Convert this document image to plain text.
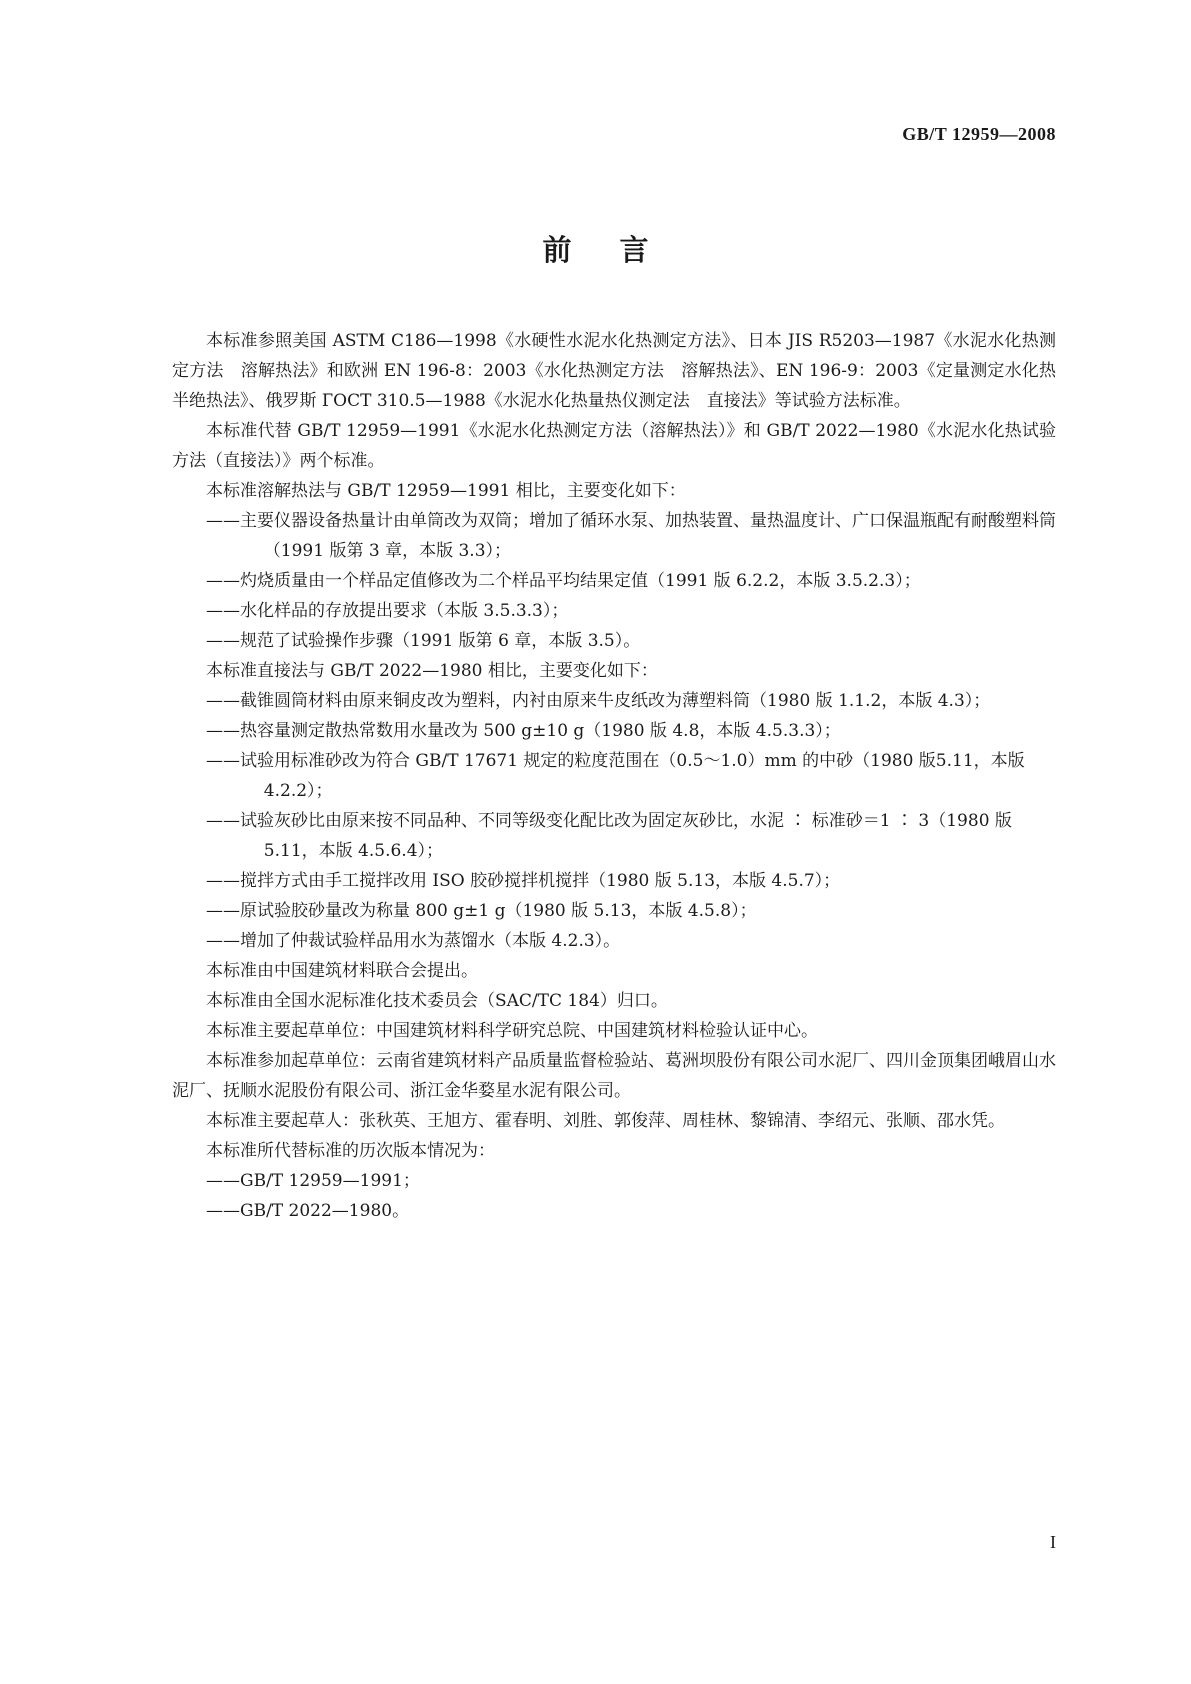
GB/T 12959—2008
前言

本标准参照美国 ASTM C186—1998《水硬性水泥水化热测定方法》、日本 JIS R5203—1987《水泥水化热测定方法　溶解热法》和欧洲 EN 196-8：2003《水化热测定方法　溶解热法》、EN 196-9：2003《定量测定水化热　半绝热法》、俄罗斯 ГОСТ 310.5—1988《水泥水化热量热仪测定法　直接法》等试验方法标准。

本标准代替 GB/T 12959—1991《水泥水化热测定方法（溶解热法）》和 GB/T 2022—1980《水泥水化热试验方法（直接法）》两个标准。

本标准溶解热法与 GB/T 12959—1991 相比，主要变化如下：

——主要仪器设备热量计由单筒改为双筒；增加了循环水泵、加热装置、量热温度计、广口保温瓶配有耐酸塑料筒（1991 版第 3 章，本版 3.3）；

——灼烧质量由一个样品定值修改为二个样品平均结果定值（1991 版 6.2.2，本版 3.5.2.3）；

——水化样品的存放提出要求（本版 3.5.3.3）；

——规范了试验操作步骤（1991 版第 6 章，本版 3.5）。

本标准直接法与 GB/T 2022—1980 相比，主要变化如下：

——截锥圆筒材料由原来铜皮改为塑料，内衬由原来牛皮纸改为薄塑料筒（1980 版 1.1.2，本版 4.3）；

——热容量测定散热常数用水量改为 500 g±10 g（1980 版 4.8，本版 4.5.3.3）；

——试验用标准砂改为符合 GB/T 17671 规定的粒度范围在（0.5～1.0）mm 的中砂（1980 版5.11，本版 4.2.2）；

——试验灰砂比由原来按不同品种、不同等级变化配比改为固定灰砂比，水泥 ∶ 标准砂＝1 ∶ 3（1980 版 5.11，本版 4.5.6.4）；

——搅拌方式由手工搅拌改用 ISO 胶砂搅拌机搅拌（1980 版 5.13，本版 4.5.7）；

——原试验胶砂量改为称量 800 g±1 g（1980 版 5.13，本版 4.5.8）；

——增加了仲裁试验样品用水为蒸馏水（本版 4.2.3）。

本标准由中国建筑材料联合会提出。

本标准由全国水泥标准化技术委员会（SAC/TC 184）归口。

本标准主要起草单位：中国建筑材料科学研究总院、中国建筑材料检验认证中心。

本标准参加起草单位：云南省建筑材料产品质量监督检验站、葛洲坝股份有限公司水泥厂、四川金顶集团峨眉山水泥厂、抚顺水泥股份有限公司、浙江金华婺星水泥有限公司。

本标准主要起草人：张秋英、王旭方、霍春明、刘胜、郭俊萍、周桂林、黎锦清、李绍元、张顺、邵水凭。

本标准所代替标准的历次版本情况为：

——GB/T 12959—1991；

——GB/T 2022—1980。

I
